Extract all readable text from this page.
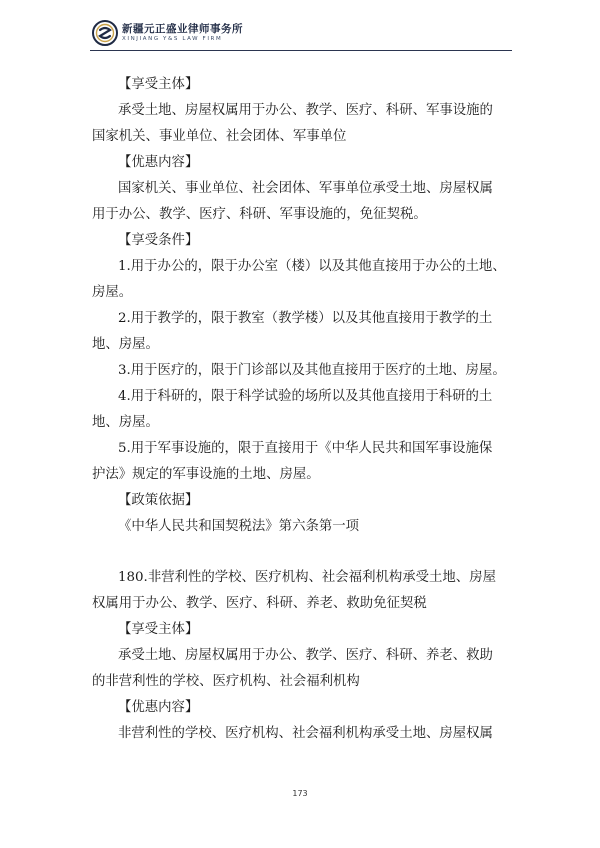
新疆元正盛业律师事务所
XINJIANG Y&S LAW FIRM
【享受主体】
承受土地、房屋权属用于办公、教学、医疗、科研、军事设施的
国家机关、事业单位、社会团体、军事单位
【优惠内容】
国家机关、事业单位、社会团体、军事单位承受土地、房屋权属
用于办公、教学、医疗、科研、军事设施的，免征契税。
【享受条件】
1.用于办公的，限于办公室（楼）以及其他直接用于办公的土地、
房屋。
2.用于教学的，限于教室（教学楼）以及其他直接用于教学的土
地、房屋。
3.用于医疗的，限于门诊部以及其他直接用于医疗的土地、房屋。
4.用于科研的，限于科学试验的场所以及其他直接用于科研的土
地、房屋。
5.用于军事设施的，限于直接用于《中华人民共和国军事设施保
护法》规定的军事设施的土地、房屋。
【政策依据】
《中华人民共和国契税法》第六条第一项
180.非营利性的学校、医疗机构、社会福利机构承受土地、房屋
权属用于办公、教学、医疗、科研、养老、救助免征契税
【享受主体】
承受土地、房屋权属用于办公、教学、医疗、科研、养老、救助
的非营利性的学校、医疗机构、社会福利机构
【优惠内容】
非营利性的学校、医疗机构、社会福利机构承受土地、房屋权属
173
